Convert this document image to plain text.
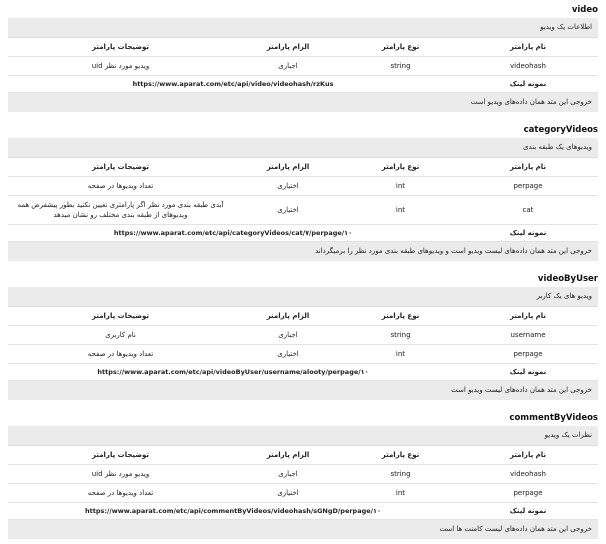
video
اطلاعات یک ویدیو
نام پارامتر
نوع پارامتر
الزام پارامتر
توضیحات پارامتر
videohash
string
اجباری
uid ویدیو مورد نظر
نمونه لینک
https://www.aparat.com/etc/api/video/videohash/rzKus
خروجی این متد همان داده‌های ویدیو است
categoryVideos
ویدیوهای یک طبقه بندی
نام پارامتر
نوع پارامتر
الزام پارامتر
توضیحات پارامتر
perpage
int
اختیاری
تعداد ویدیوها در صفحه
cat
int
اختیاری
آیدی طبقه بندی مورد نظر اگر پارامتری تعیین نکنید بطور پیشفرض همه ویدیوهای از طبقه بندی مختلف رو نشان میدهد
نمونه لینک
https://www.aparat.com/etc/api/categoryVideos/cat/۷/perpage/۱۰
خروجی این متد همان داده‌های لیست ویدیو است و ویدیوهای طبقه بندی مورد نظر را برمیگرداند
videoByUser
ویدیو های یک کاربر
نام پارامتر
نوع پارامتر
الزام پارامتر
توضیحات پارامتر
username
string
اجباری
نام کاربری
perpage
int
اختیاری
تعداد ویدیوها در صفحه
نمونه لینک
https://www.aparat.com/etc/api/videoByUser/username/alooty/perpage/۱۰
خروجی این متد همان داده‌های لیست ویدیو است
commentByVideos
نظرات یک ویدیو
نام پارامتر
نوع پارامتر
الزام پارامتر
توضیحات پارامتر
videohash
string
اجباری
uid ویدیو مورد نظر
perpage
int
اختیاری
تعداد ویدیوها در صفحه
نمونه لینک
https://www.aparat.com/etc/api/commentByVideos/videohash/sGNgD/perpage/۱۰
خروجی این متد همان داده‌های لیست کامنت ها است
